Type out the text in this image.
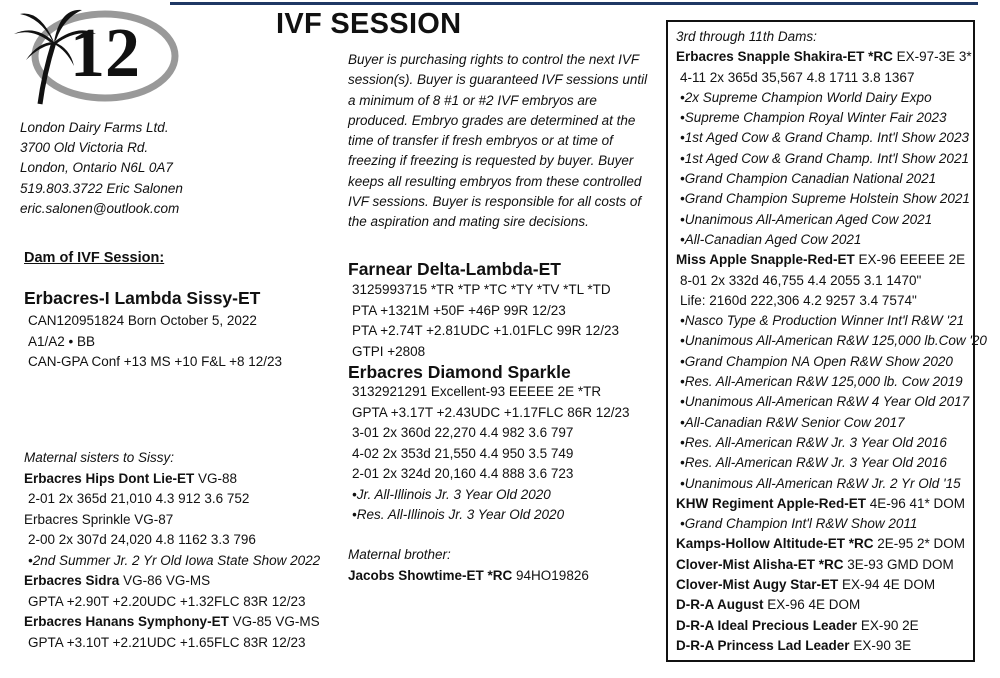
12	IVF SESSION
London Dairy Farms Ltd.
3700 Old Victoria Rd.
London, Ontario N6L 0A7
519.803.3722 Eric Salonen
eric.salonen@outlook.com
Buyer is purchasing rights to control the next IVF session(s). Buyer is guaranteed IVF sessions until a minimum of 8 #1 or #2 IVF embryos are produced. Embryo grades are determined at the time of transfer if fresh embryos or at time of freezing if freezing is requested by buyer. Buyer keeps all resulting embryos from these controlled IVF sessions. Buyer is responsible for all costs of the aspiration and mating sire decisions.
Dam of IVF Session:
Erbacres-I Lambda Sissy-ET
CAN120951824 Born October 5, 2022
A1/A2 • BB
CAN-GPA Conf +13 MS +10 F&L +8 12/23
Maternal sisters to Sissy:
Erbacres Hips Dont Lie-ET VG-88
2-01 2x 365d 21,010 4.3 912 3.6 752
Erbacres Sprinkle VG-87
2-00 2x 307d 24,020 4.8 1162 3.3 796
•2nd Summer Jr. 2 Yr Old Iowa State Show 2022
Erbacres Sidra VG-86 VG-MS
GPTA +2.90T +2.20UDC +1.32FLC 83R 12/23
Erbacres Hanans Symphony-ET VG-85 VG-MS
GPTA +3.10T +2.21UDC +1.65FLC 83R 12/23
Farnear Delta-Lambda-ET
3125993715 *TR *TP *TC *TY *TV *TL *TD
PTA +1321M +50F +46P 99R 12/23
PTA +2.74T +2.81UDC +1.01FLC 99R 12/23
GTPI +2808
Erbacres Diamond Sparkle
3132921291 Excellent-93 EEEEE 2E *TR
GPTA +3.17T +2.43UDC +1.17FLC 86R 12/23
3-01 2x 360d 22,270 4.4 982 3.6 797
4-02 2x 353d 21,550 4.4 950 3.5 749
2-01 2x 324d 20,160 4.4 888 3.6 723
•Jr. All-Illinois Jr. 3 Year Old 2020
•Res. All-Illinois Jr. 3 Year Old 2020
Maternal brother:
Jacobs Showtime-ET *RC 94HO19826
3rd through 11th Dams:
Erbacres Snapple Shakira-ET *RC EX-97-3E 3*
4-11 2x 365d 35,567 4.8 1711 3.8 1367
•2x Supreme Champion World Dairy Expo
•Supreme Champion Royal Winter Fair 2023
•1st Aged Cow & Grand Champ. Int'l Show 2023
•1st Aged Cow & Grand Champ. Int'l Show 2021
•Grand Champion Canadian National 2021
•Grand Champion Supreme Holstein Show 2021
•Unanimous All-American Aged Cow 2021
•All-Canadian Aged Cow 2021
Miss Apple Snapple-Red-ET EX-96 EEEEE 2E
8-01 2x 332d 46,755 4.4 2055 3.1 1470"
Life: 2160d 222,306 4.2 9257 3.4 7574"
•Nasco Type & Production Winner Int'l R&W '21
•Unanimous All-American R&W 125,000 lb.Cow '20
•Grand Champion NA Open R&W Show 2020
•Res. All-American R&W 125,000 lb. Cow 2019
•Unanimous All-American R&W 4 Year Old 2017
•All-Canadian R&W Senior Cow 2017
•Res. All-American R&W Jr. 3 Year Old 2016
•Res. All-American R&W Jr. 3 Year Old 2016
•Unanimous All-American R&W Jr. 2 Yr Old '15
KHW Regiment Apple-Red-ET 4E-96 41* DOM
•Grand Champion Int'l R&W Show 2011
Kamps-Hollow Altitude-ET *RC 2E-95 2* DOM
Clover-Mist Alisha-ET *RC 3E-93 GMD DOM
Clover-Mist Augy Star-ET EX-94 4E DOM
D-R-A August EX-96 4E DOM
D-R-A Ideal Precious Leader EX-90 2E
D-R-A Princess Lad Leader EX-90 3E
